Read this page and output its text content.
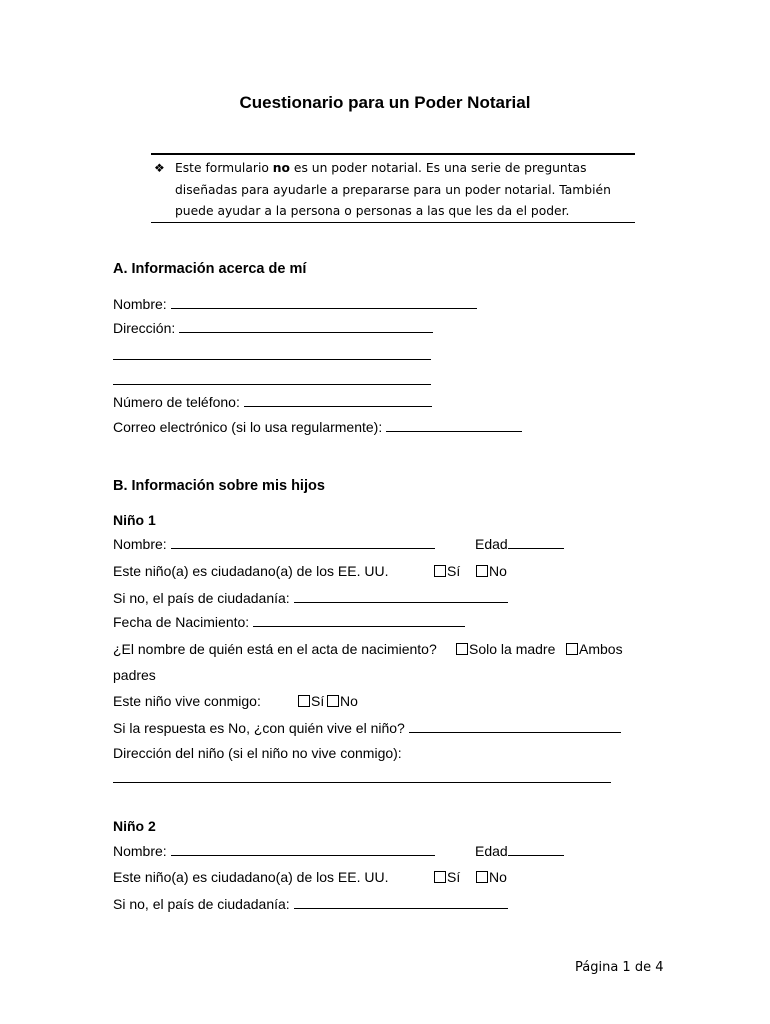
Cuestionario para un Poder Notarial
❖ Este formulario no es un poder notarial. Es una serie de preguntas diseñadas para ayudarle a prepararse para un poder notarial. También puede ayudar a la persona o personas a las que les da el poder.
A. Información acerca de mí
Nombre:
Dirección:
Número de teléfono:
Correo electrónico (si lo usa regularmente):
B. Información sobre mis hijos
Niño 1
Nombre:	Edad
Este niño(a) es ciudadano(a) de los EE. UU.	Sí	No
Si no, el país de ciudadanía:
Fecha de Nacimiento:
¿El nombre de quién está en el acta de nacimiento?	Solo la madre	Ambos
padres
Este niño vive conmigo:	Sí	No
Si la respuesta es No, ¿con quién vive el niño?
Dirección del niño (si el niño no vive conmigo):
Niño 2
Nombre:	Edad
Este niño(a) es ciudadano(a) de los EE. UU.	Sí	No
Si no, el país de ciudadanía:
Página 1 de 4
